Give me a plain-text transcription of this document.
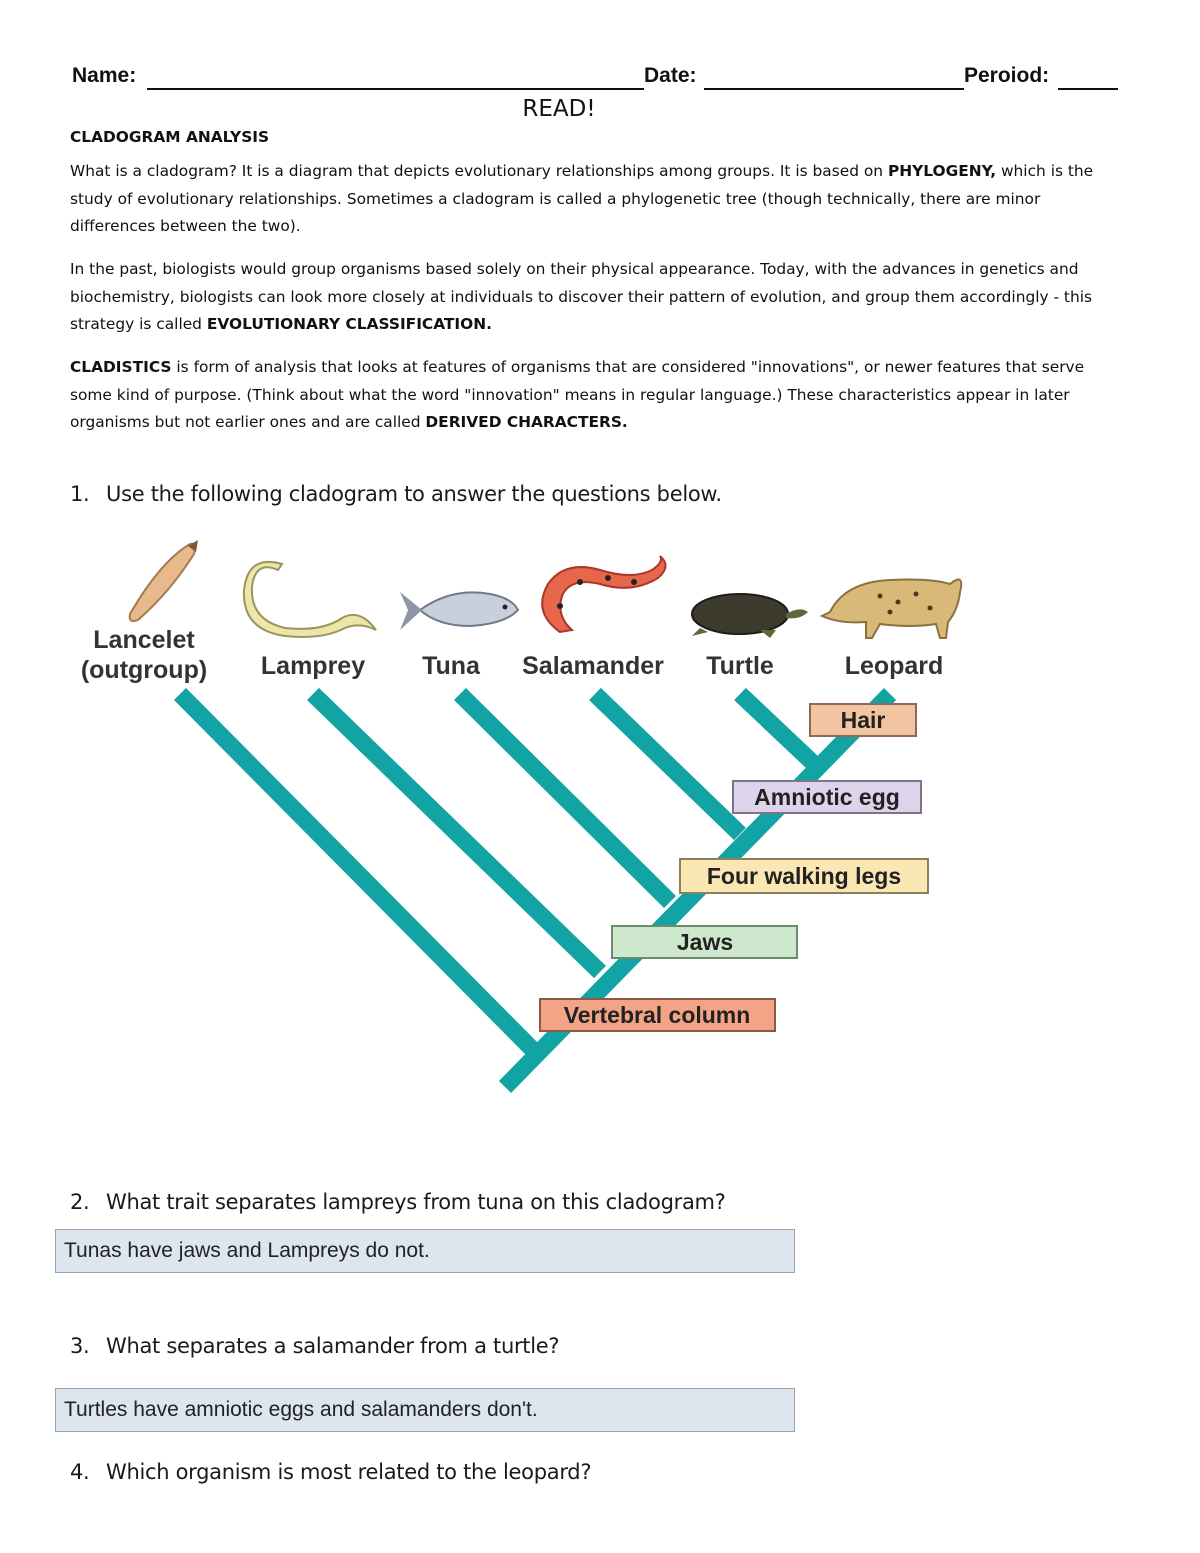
Name:	Date:	Peroiod:
READ!
CLADOGRAM ANALYSIS
What is a cladogram? It is a diagram that depicts evolutionary relationships among groups. It is based on PHYLOGENY, which is the study of evolutionary relationships. Sometimes a cladogram is called a phylogenetic tree (though technically, there are minor differences between the two).
In the past, biologists would group organisms based solely on their physical appearance. Today, with the advances in genetics and biochemistry, biologists can look more closely at individuals to discover their pattern of evolution, and group them accordingly - this strategy is called EVOLUTIONARY CLASSIFICATION.
CLADISTICS is form of analysis that looks at features of organisms that are considered "innovations", or newer features that serve some kind of purpose. (Think about what the word "innovation" means in regular language.) These characteristics appear in later organisms but not earlier ones and are called DERIVED CHARACTERS.
1. Use the following cladogram to answer the questions below.
Lancelet
(outgroup) Lamprey Tuna Salamander Turtle	Leopard
Hair
Amniotic egg
Four walking legs
Jaws
Vertebral column
2. What trait separates lampreys from tuna on this cladogram?
Tunas have jaws and Lampreys do not.
3. What separates a salamander from a turtle?
Turtles have amniotic eggs and salamanders don't.
4. Which organism is most related to the leopard?
